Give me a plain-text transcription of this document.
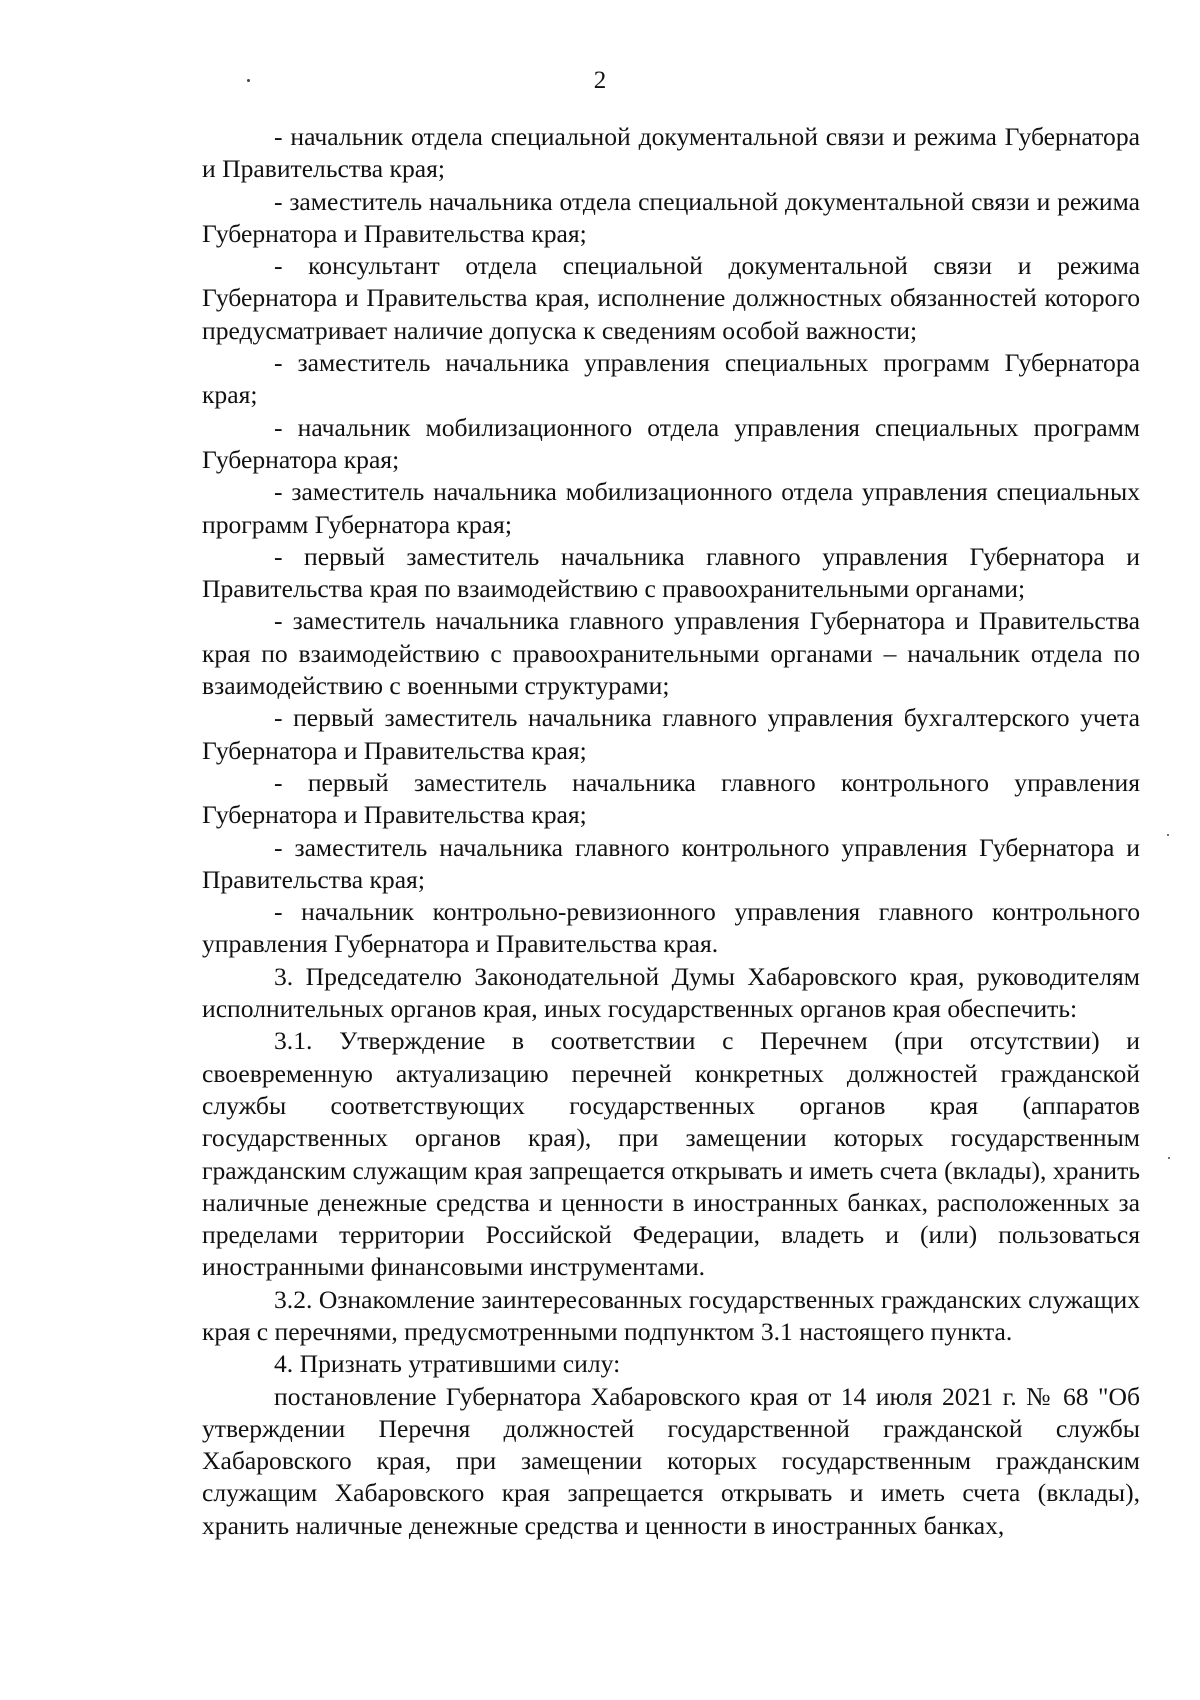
2

- начальник отдела специальной документальной связи и режима Губернатора и Правительства края;

- заместитель начальника отдела специальной документальной связи и режима Губернатора и Правительства края;

- консультант отдела специальной документальной связи и режима Губернатора и Правительства края, исполнение должностных обязанностей которого предусматривает наличие допуска к сведениям особой важности;

- заместитель начальника управления специальных программ Губернатора края;

- начальник мобилизационного отдела управления специальных программ Губернатора края;

- заместитель начальника мобилизационного отдела управления специальных программ Губернатора края;

- первый заместитель начальника главного управления Губернатора и Правительства края по взаимодействию с правоохранительными органами;

- заместитель начальника главного управления Губернатора и Правительства края по взаимодействию с правоохранительными органами – начальник отдела по взаимодействию с военными структурами;

- первый заместитель начальника главного управления бухгалтерского учета Губернатора и Правительства края;

- первый заместитель начальника главного контрольного управления Губернатора и Правительства края;

- заместитель начальника главного контрольного управления Губернатора и Правительства края;

- начальник контрольно-ревизионного управления главного контрольного управления Губернатора и Правительства края.

3. Председателю Законодательной Думы Хабаровского края, руководителям исполнительных органов края, иных государственных органов края обеспечить:

3.1. Утверждение в соответствии с Перечнем (при отсутствии) и своевременную актуализацию перечней конкретных должностей гражданской службы соответствующих государственных органов края (аппаратов государственных органов края), при замещении которых государственным гражданским служащим края запрещается открывать и иметь счета (вклады), хранить наличные денежные средства и ценности в иностранных банках, расположенных за пределами территории Российской Федерации, владеть и (или) пользоваться иностранными финансовыми инструментами.

3.2. Ознакомление заинтересованных государственных гражданских служащих края с перечнями, предусмотренными подпунктом 3.1 настоящего пункта.

4. Признать утратившими силу:

постановление Губернатора Хабаровского края от 14 июля 2021 г. № 68 "Об утверждении Перечня должностей государственной гражданской службы Хабаровского края, при замещении которых государственным гражданским служащим Хабаровского края запрещается открывать и иметь счета (вклады), хранить наличные денежные средства и ценности в иностранных банках,
